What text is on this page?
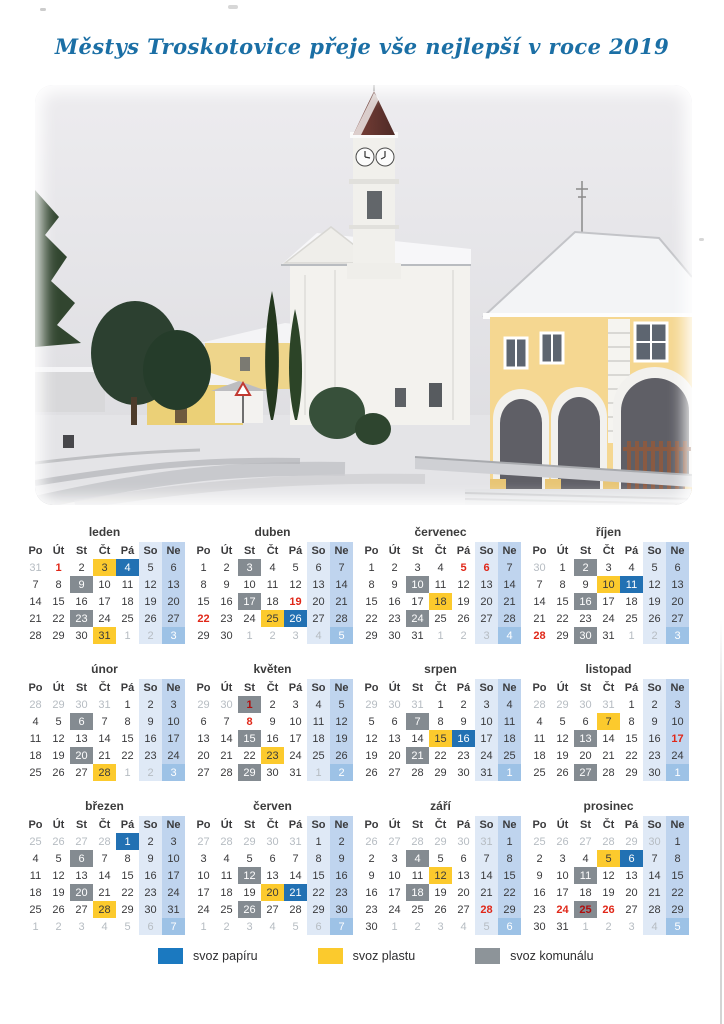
Městys Troskotovice přeje vše nejlepší v roce 2019
leden
Po Út	St	Čt Pá So Ne
31	1	2	3	4	5	6
7	8	9	10	11	12 13
14 15 16 17 18 19 20
21 22 23 24 25 26 27
28 29 30 31	1	2	3
duben
Po Út	St	Čt Pá So Ne
1	2	3	4	5	6	7
8	9	10	11	12 13 14
15 16 17 18 19 20 21
22 23 24 25 26 27 28
29 30	1	2	3	4	5
červenec
Po Út	St	Čt Pá So Ne
1	2	3	4	5	6	7
8	9	10	11	12 13 14
15 16 17 18 19 20 21
22 23 24 25 26 27 28
29 30 31	1	2	3	4
říjen
Po Út	St	Čt Pá So Ne
30	1	2	3	4	5	6
7	8	9	10	11	12 13
14 15 16 17 18 19 20
21 22 23 24 25 26 27
28 29 30 31	1	2	3
únor
Po Út	St	Čt Pá So Ne
28 29 30 31	1	2	3
4	5	6	7	8	9	10
11	12 13 14 15 16 17
18 19 20 21 22 23 24
25 26 27 28	1	2	3
květen
Po Út	St	Čt Pá So Ne
29 30	1	2	3	4	5
6	7	8	9	10	11	12
13 14 15 16 17 18 19
20 21 22 23 24 25 26
27 28 29 30 31	1	2
srpen
Po Út	St	Čt Pá So Ne
29 30 31	1	2	3	4
5	6	7	8	9	10	11
12 13 14 15 16 17 18
19 20 21 22 23 24 25
26 27 28 29 30 31	1
listopad
Po Út	St	Čt Pá So Ne
28 29 30 31	1	2	3
4	5	6	7	8	9	10
11	12 13 14 15 16 17
18 19 20 21 22 23 24
25 26 27 28 29 30	1
březen
Po Út	St	Čt Pá So Ne
25 26 27 28	1	2	3
4	5	6	7	8	9	10
11	12 13 14 15 16 17
18 19 20 21 22 23 24
25 26 27 28 29 30 31
1	2	3	4	5	6	7
červen
Po Út	St	Čt Pá So Ne
27 28 29 30 31	1	2
3	4	5	6	7	8	9
10	11	12 13 14 15 16
17 18 19 20 21 22 23
24 25 26 27 28 29 30
1	2	3	4	5	6	7
září
Po Út	St	Čt Pá So Ne
26 27 28 29 30 31	1
2	3	4	5	6	7	8
9	10	11	12 13 14 15
16 17 18 19 20 21 22
23 24 25 26 27 28 29
30	1	2	3	4	5	6
prosinec
Po Út	St	Čt Pá So Ne
25 26 27 28 29 30	1
2	3	4	5	6	7	8
9	10	11	12 13 14 15
16 17 18 19 20 21 22
23 24 25 26 27 28 29
30 31	1	2	3	4	5
svoz papíru	svoz plastu	svoz komunálu
